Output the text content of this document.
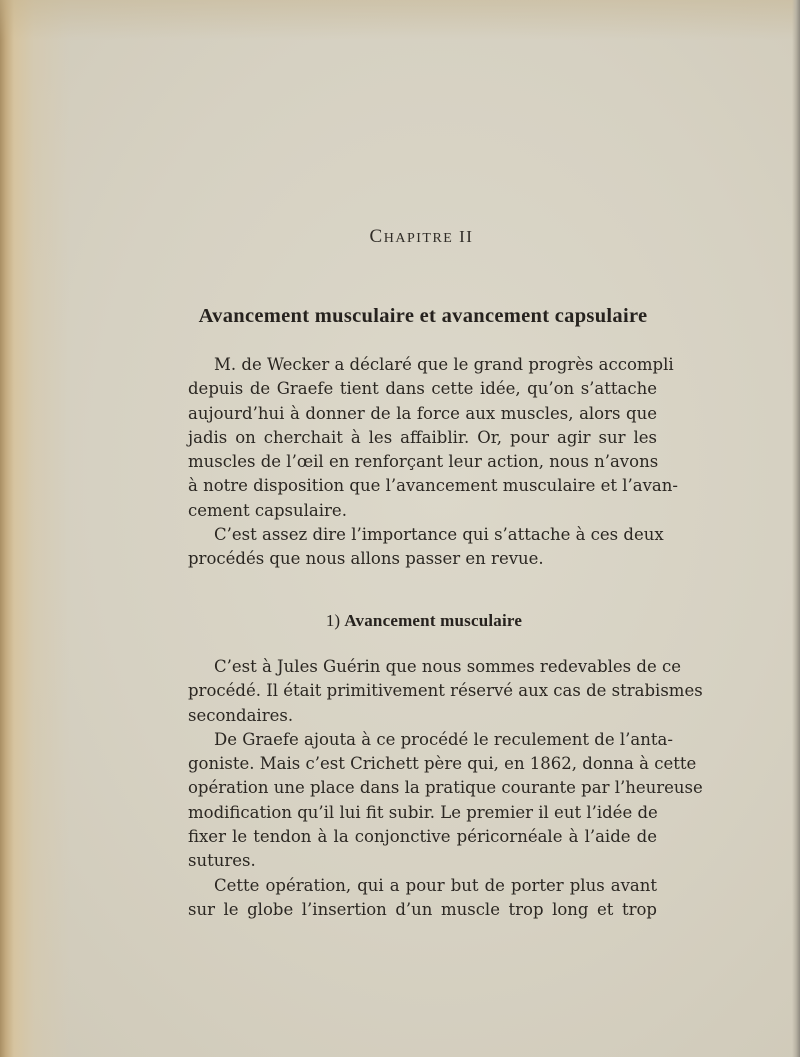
CHAPITRE II
Avancement musculaire et avancement capsulaire
M. de Wecker a déclaré que le grand progrès accompli
depuis de Graefe tient dans cette idée, qu’on s’attache
aujourd’hui à donner de la force aux muscles, alors que
jadis on cherchait à les affaiblir. Or, pour agir sur les
muscles de l’œil en renforçant leur action, nous n’avons
à notre disposition que l’avancement musculaire et l’avan-
cement capsulaire.
C’est assez dire l’importance qui s’attache à ces deux
procédés que nous allons passer en revue.
1) Avancement musculaire
C’est à Jules Guérin que nous sommes redevables de ce
procédé. Il était primitivement réservé aux cas de strabismes
secondaires.
De Graefe ajouta à ce procédé le reculement de l’anta-
goniste. Mais c’est Crichett père qui, en 1862, donna à cette
opération une place dans la pratique courante par l’heureuse
modification qu’il lui fit subir. Le premier il eut l’idée de
fixer le tendon à la conjonctive péricornéale à l’aide de
sutures.
Cette opération, qui a pour but de porter plus avant
sur le globe l’insertion d’un muscle trop long et trop
